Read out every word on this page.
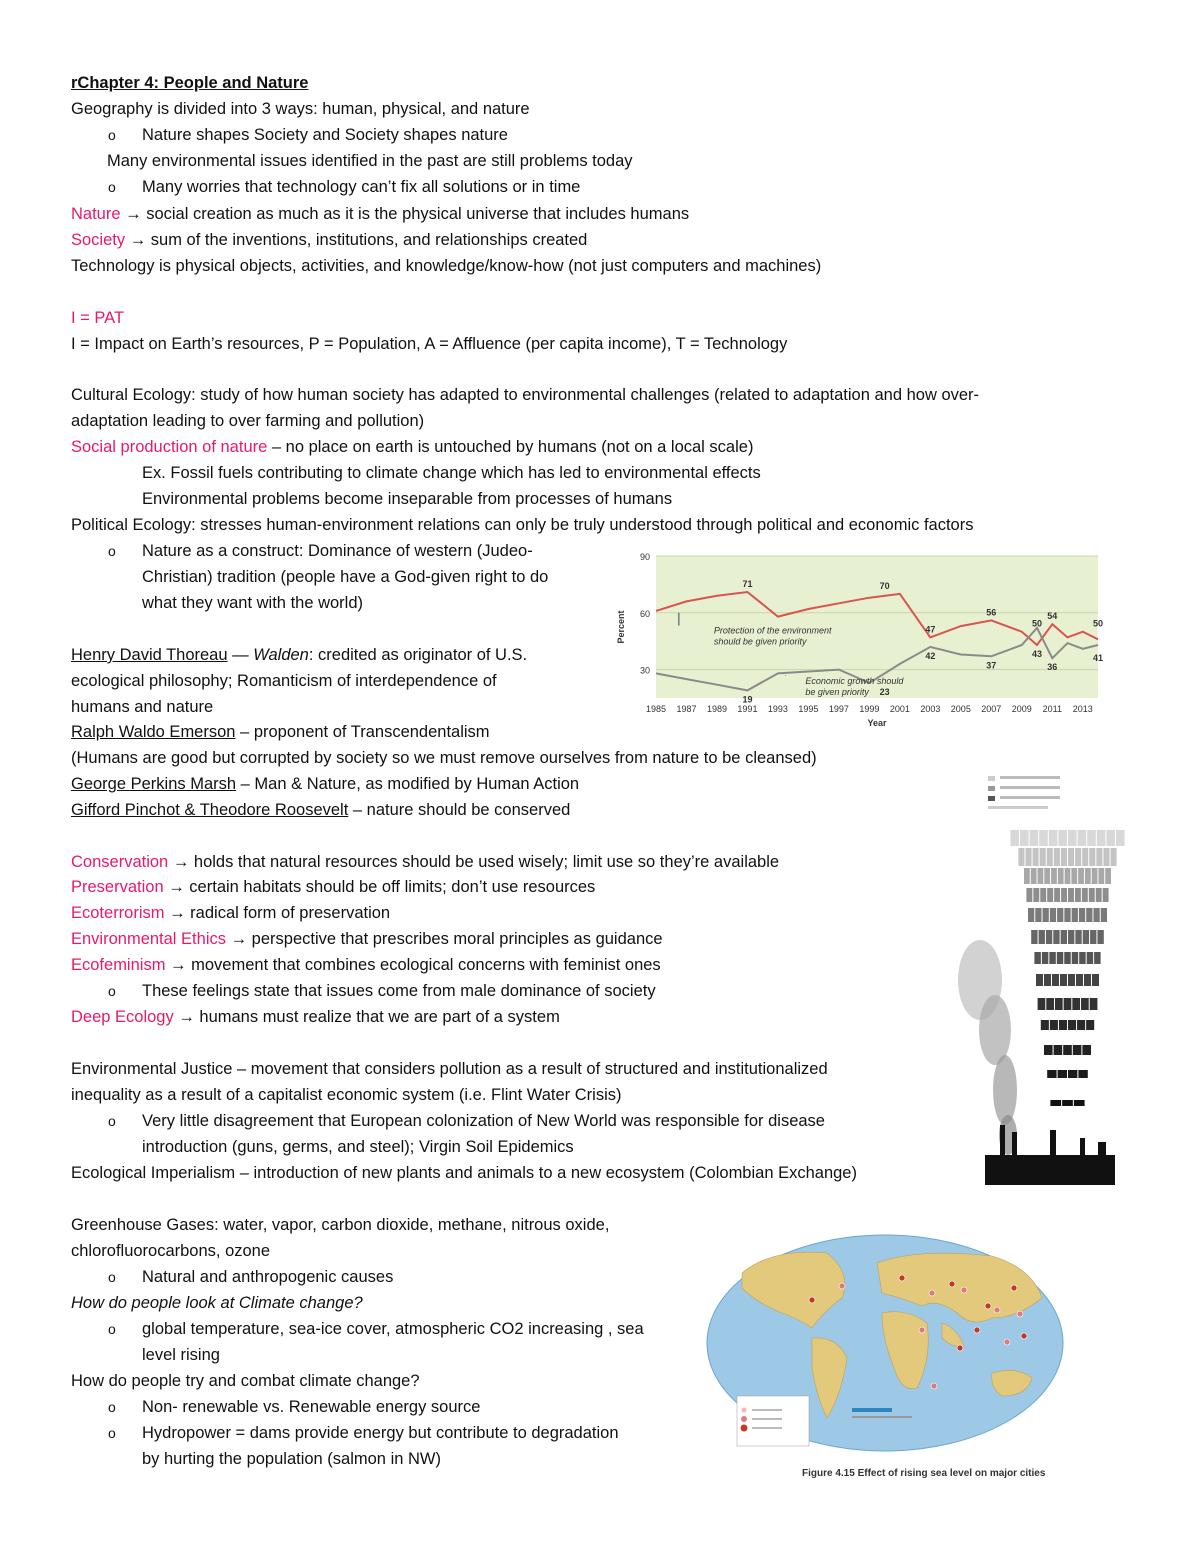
rChapter 4: People and Nature
Geography is divided into 3 ways: human, physical, and nature
o Nature shapes Society and Society shapes nature
Many environmental issues identified in the past are still problems today
o Many worries that technology can’t fix all solutions or in time
Nature → social creation as much as it is the physical universe that includes humans
Society → sum of the inventions, institutions, and relationships created
Technology is physical objects, activities, and knowledge/know-how (not just computers and machines)
I = PAT
I = Impact on Earth’s resources, P = Population, A = Affluence (per capita income), T = Technology
Cultural Ecology: study of how human society has adapted to environmental challenges (related to adaptation and how over-
adaptation leading to over farming and pollution)
Social production of nature – no place on earth is untouched by humans (not on a local scale)
Ex. Fossil fuels contributing to climate change which has led to environmental effects
Environmental problems become inseparable from processes of humans
Political Ecology: stresses human-environment relations can only be truly understood through political and economic factors
o Nature as a construct: Dominance of western (Judeo-
Christian) tradition (people have a God-given right to do
what they want with the world)
Henry David Thoreau — Walden: credited as originator of U.S.
ecological philosophy; Romanticism of interdependence of
humans and nature
Ralph Waldo Emerson – proponent of Transcendentalism
(Humans are good but corrupted by society so we must remove ourselves from nature to be cleansed)
George Perkins Marsh – Man & Nature, as modified by Human Action
Gifford Pinchot & Theodore Roosevelt – nature should be conserved
Conservation → holds that natural resources should be used wisely; limit use so they’re available
Preservation → certain habitats should be off limits; don’t use resources
Ecoterrorism → radical form of preservation
Environmental Ethics → perspective that prescribes moral principles as guidance
Ecofeminism → movement that combines ecological concerns with feminist ones
o These feelings state that issues come from male dominance of society
Deep Ecology → humans must realize that we are part of a system
Environmental Justice – movement that considers pollution as a result of structured and institutionalized
inequality as a result of a capitalist economic system (i.e. Flint Water Crisis)
o Very little disagreement that European colonization of New World was responsible for disease
introduction (guns, germs, and steel); Virgin Soil Epidemics
Ecological Imperialism – introduction of new plants and animals to a new ecosystem (Colombian Exchange)
Greenhouse Gases: water, vapor, carbon dioxide, methane, nitrous oxide,
chlorofluorocarbons, ozone
o Natural and anthropogenic causes
How do people look at Climate change?
o global temperature, sea-ice cover, atmospheric CO2 increasing , sea
level rising
How do people try and combat climate change?
o Non- renewable vs. Renewable energy source
o Hydropower = dams provide energy but contribute to degradation
by hurting the population (salmon in NW)
30
60
90
1985 1987 1989 1991 1993 1995 1997 1999 2001 2003 2005 2007 2009 2011 2013
Percent
Year
Protection of the environment should be given priority
Economic growth should be given priority
71	70
47
56
50
54
50
19
23
42
37
43
36
41
Figure 4.15 Effect of rising sea level on major cities
